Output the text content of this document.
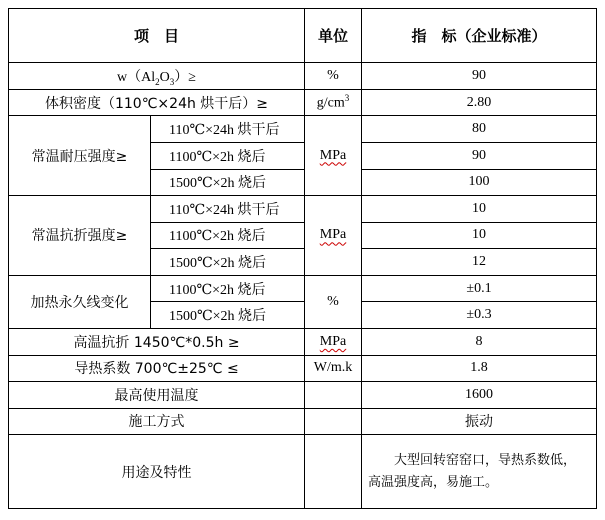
项　目		单位	指　标（企业标准）
$w(Al_2O_3)\ge$		%	90
体积密度（110℃×24h 烘干后）≥		$g/cm^3$	2.80
常温耐压强度≥	110℃×24h 烘干后	MPa	80
	1100℃×2h 烧后		90
	1500℃×2h 烧后		100
常温抗折强度≥	110℃×24h 烘干后	MPa	10
	1100℃×2h 烧后		10
	1500℃×2h 烧后		12
加热永久线变化	1100℃×2h 烧后	%	±0.1
	1500℃×2h 烧后		±0.3
高温抗折 1450℃*0.5h ≥		MPa	8
导热系数 700℃±25℃ ≤		W/m.k	1.8
最高使用温度			1600
施工方式			振动
用途及特性			大型回转窑窑口，导热系数低，
高温强度高，易施工。
